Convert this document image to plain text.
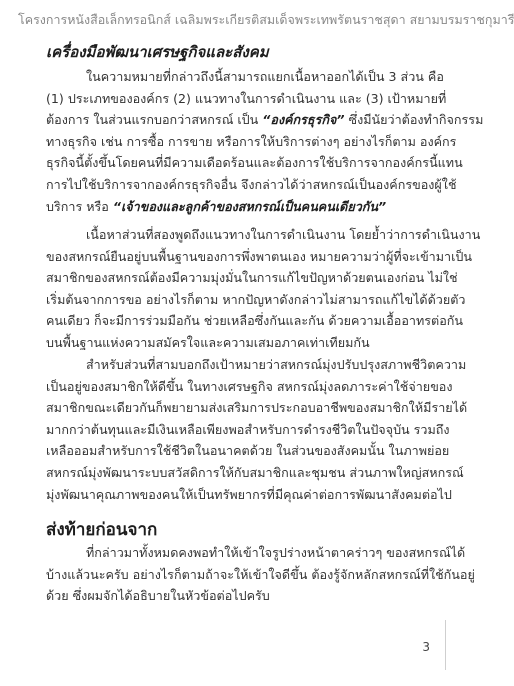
โครงการหนังสือเล็กทรอนิกส์ เฉลิมพระเกียรติสมเด็จพระเทพรัตนราชสุดา สยามบรมราชกุมารี
เครื่องมือพัฒนาเศรษฐกิจและสังคม
ในความหมายที่กล่าวถึงนี้สามารถแยกเนื้อหาออกได้เป็น 3 ส่วน คือ
(1) ประเภทขององค์กร (2) แนวทางในการดำเนินงาน และ (3) เป้าหมายที่
ต้องการ ในส่วนแรกบอกว่าสหกรณ์ เป็น “องค์กรธุรกิจ” ซึ่งมีนัยว่าต้องทำกิจกรรม
ทางธุรกิจ เช่น การซื้อ การขาย หรือการให้บริการต่างๆ อย่างไรก็ตาม องค์กร
ธุรกิจนี้ตั้งขึ้นโดยคนที่มีความเดือดร้อนและต้องการใช้บริการจากองค์กรนี้แทน
การไปใช้บริการจากองค์กรธุรกิจอื่น จึงกล่าวได้ว่าสหกรณ์เป็นองค์กรของผู้ใช้
บริการ หรือ “เจ้าของและลูกค้าของสหกรณ์เป็นคนคนเดียวกัน”
เนื้อหาส่วนที่สองพูดถึงแนวทางในการดำเนินงาน โดยย้ำว่าการดำเนินงาน
ของสหกรณ์ยืนอยู่บนพื้นฐานของการพึ่งพาตนเอง หมายความว่าผู้ที่จะเข้ามาเป็น
สมาชิกของสหกรณ์ต้องมีความมุ่งมั่นในการแก้ไขปัญหาด้วยตนเองก่อน ไม่ใช่
เริ่มต้นจากการขอ อย่างไรก็ตาม หากปัญหาดังกล่าวไม่สามารถแก้ไขได้ด้วยตัว
คนเดียว ก็จะมีการร่วมมือกัน ช่วยเหลือซึ่งกันและกัน ด้วยความเอื้ออาทรต่อกัน
บนพื้นฐานแห่งความสมัครใจและความเสมอภาคเท่าเทียมกัน
สำหรับส่วนที่สามบอกถึงเป้าหมายว่าสหกรณ์มุ่งปรับปรุงสภาพชีวิตความ
เป็นอยู่ของสมาชิกให้ดีขึ้น ในทางเศรษฐกิจ สหกรณ์มุ่งลดภาระค่าใช้จ่ายของ
สมาชิกขณะเดียวกันก็พยายามส่งเสริมการประกอบอาชีพของสมาชิกให้มีรายได้
มากกว่าต้นทุนและมีเงินเหลือเพียงพอสำหรับการดำรงชีวิตในปัจจุบัน รวมถึง
เหลือออมสำหรับการใช้ชีวิตในอนาคตด้วย ในส่วนของสังคมนั้น ในภาพย่อย
สหกรณ์มุ่งพัฒนาระบบสวัสดิการให้กับสมาชิกและชุมชน ส่วนภาพใหญ่สหกรณ์
มุ่งพัฒนาคุณภาพของคนให้เป็นทรัพยากรที่มีคุณค่าต่อการพัฒนาสังคมต่อไป
ส่งท้ายก่อนจาก
ที่กล่าวมาทั้งหมดคงพอทำให้เข้าใจรูปร่างหน้าตาคร่าวๆ ของสหกรณ์ได้
บ้างแล้วนะครับ อย่างไรก็ตามถ้าจะให้เข้าใจดีขึ้น ต้องรู้จักหลักสหกรณ์ที่ใช้กันอยู่
ด้วย ซึ่งผมจักได้อธิบายในหัวข้อต่อไปครับ
3
